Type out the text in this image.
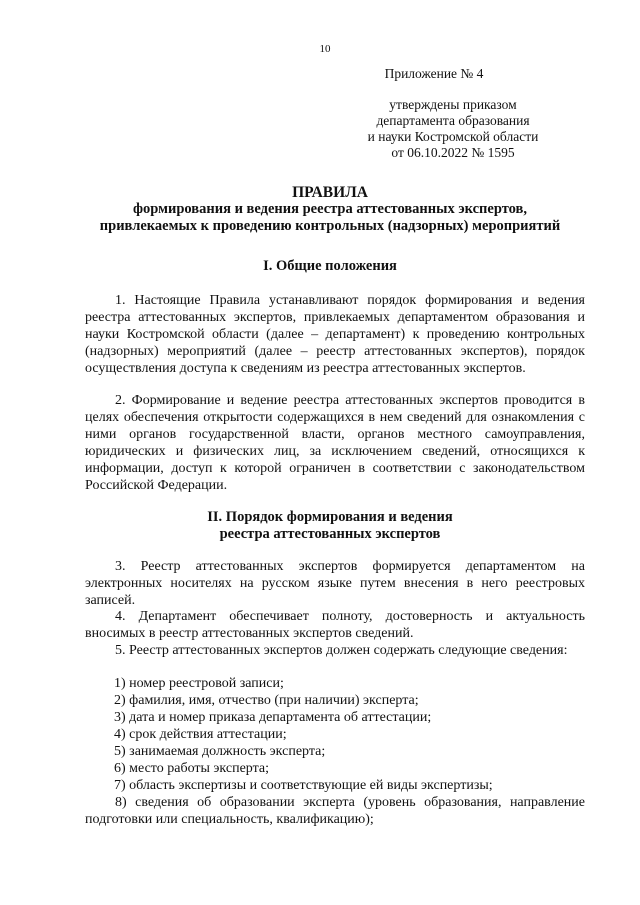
10
Приложение № 4
утверждены приказом
департамента образования
и науки Костромской области
от 06.10.2022 № 1595
ПРАВИЛА
формирования и ведения реестра аттестованных экспертов,
привлекаемых к проведению контрольных (надзорных) мероприятий
I. Общие положения
1. Настоящие Правила устанавливают порядок формирования и ведения реестра аттестованных экспертов, привлекаемых департаментом образования и науки Костромской области (далее – департамент) к проведению контрольных (надзорных) мероприятий (далее – реестр аттестованных экспертов), порядок осуществления доступа к сведениям из реестра аттестованных экспертов.
2. Формирование и ведение реестра аттестованных экспертов проводится в целях обеспечения открытости содержащихся в нем сведений для ознакомления с ними органов государственной власти, органов местного самоуправления, юридических и физических лиц, за исключением сведений, относящихся к информации, доступ к которой ограничен в соответствии с законодательством Российской Федерации.
II. Порядок формирования и ведения
реестра аттестованных экспертов
3. Реестр аттестованных экспертов формируется департаментом на электронных носителях на русском языке путем внесения в него реестровых записей.
4. Департамент обеспечивает полноту, достоверность и актуальность вносимых в реестр аттестованных экспертов сведений.
5. Реестр аттестованных экспертов должен содержать следующие сведения:
1) номер реестровой записи;
2) фамилия, имя, отчество (при наличии) эксперта;
3) дата и номер приказа департамента об аттестации;
4) срок действия аттестации;
5) занимаемая должность эксперта;
6) место работы эксперта;
7) область экспертизы и соответствующие ей виды экспертизы;
8) сведения об образовании эксперта (уровень образования, направление подготовки или специальность, квалификацию);
